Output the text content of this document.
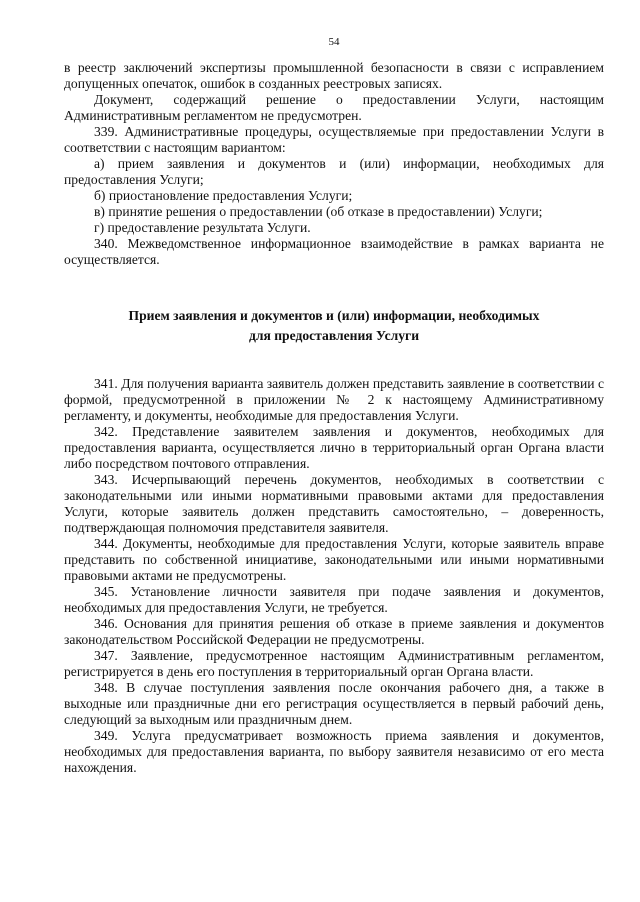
54

в реестр заключений экспертизы промышленной безопасности в связи с исправлением допущенных опечаток, ошибок в созданных реестровых записях.

Документ, содержащий решение о предоставлении Услуги, настоящим Административным регламентом не предусмотрен.

339. Административные процедуры, осуществляемые при предоставлении Услуги в соответствии с настоящим вариантом:

а) прием заявления и документов и (или) информации, необходимых для предоставления Услуги;

б) приостановление предоставления Услуги;

в) принятие решения о предоставлении (об отказе в предоставлении) Услуги;

г) предоставление результата Услуги.

340. Межведомственное информационное взаимодействие в рамках варианта не осуществляется.

Прием заявления и документов и (или) информации, необходимых
для предоставления Услуги

341. Для получения варианта заявитель должен представить заявление в соответствии с формой, предусмотренной в приложении № 2 к настоящему Административному регламенту, и документы, необходимые для предоставления Услуги.

342. Представление заявителем заявления и документов, необходимых для предоставления варианта, осуществляется лично в территориальный орган Органа власти либо посредством почтового отправления.

343. Исчерпывающий перечень документов, необходимых в соответствии с законодательными или иными нормативными правовыми актами для предоставления Услуги, которые заявитель должен представить самостоятельно, – доверенность, подтверждающая полномочия представителя заявителя.

344. Документы, необходимые для предоставления Услуги, которые заявитель вправе представить по собственной инициативе, законодательными или иными нормативными правовыми актами не предусмотрены.

345. Установление личности заявителя при подаче заявления и документов, необходимых для предоставления Услуги, не требуется.

346. Основания для принятия решения об отказе в приеме заявления и документов законодательством Российской Федерации не предусмотрены.

347. Заявление, предусмотренное настоящим Административным регламентом, регистрируется в день его поступления в территориальный орган Органа власти.

348. В случае поступления заявления после окончания рабочего дня, а также в выходные или праздничные дни его регистрация осуществляется в первый рабочий день, следующий за выходным или праздничным днем.

349. Услуга предусматривает возможность приема заявления и документов, необходимых для предоставления варианта, по выбору заявителя независимо от его места нахождения.
